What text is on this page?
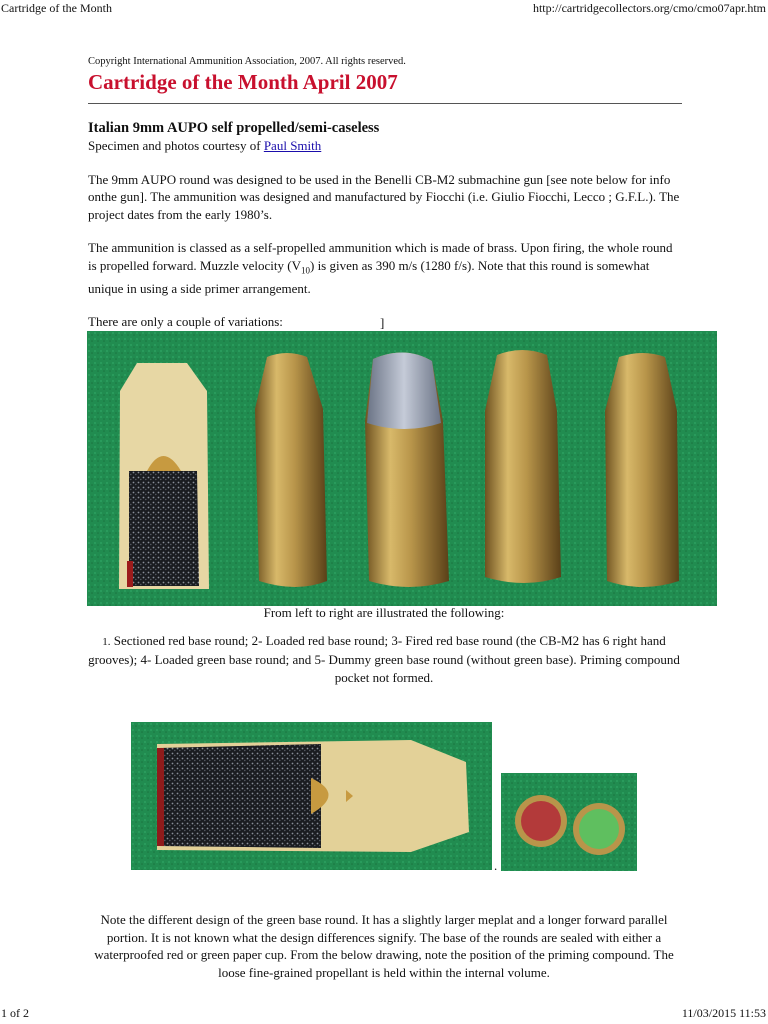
Cartridge of the Month	http://cartridgecollectors.org/cmo/cmo07apr.htm

Copyright International Ammunition Association, 2007. All rights reserved.

Cartridge of the Month April 2007
Italian 9mm AUPO self propelled/semi-caseless

Specimen and photos courtesy of Paul Smith

The 9mm AUPO round was designed to be used in the Benelli CB-M2 submachine gun [see note below for info onthe gun]. The ammunition was designed and manufactured by Fiocchi (i.e. Giulio Fiocchi, Lecco ; G.F.L.). The project dates from the early 1980’s.

The ammunition is classed as a self-propelled ammunition which is made of brass. Upon firing, the whole round is propelled forward. Muzzle velocity $(V_{10})$ is given as 390 m/s (1280 f/s). Note that this round is somewhat unique in using a side primer arrangement.

There are only a couple of variations:	]
From left to right are illustrated the following:
1. Sectioned red base round; 2- Loaded red base round; 3- Fired red base round (the CB-M2 has 6 right hand grooves); 4- Loaded green base round; and 5- Dummy green base round (without green base). Priming compound pocket not formed.
.
Note the different design of the green base round. It has a slightly larger meplat and a longer forward parallel portion. It is not known what the design differences signify. The base of the rounds are sealed with either a waterproofed red or green paper cup. From the below drawing, note the position of the priming compound. The loose fine-grained propellant is held within the internal volume.
1 of 2	11/03/2015 11:53
